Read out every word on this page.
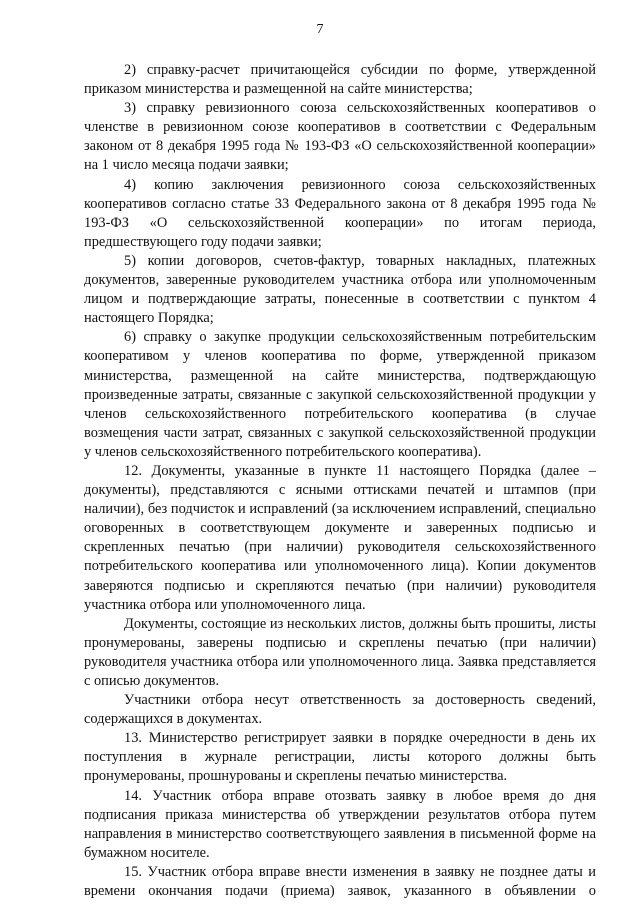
7

2) справку-расчет причитающейся субсидии по форме, утвержденной приказом министерства и размещенной на сайте министерства;

3) справку ревизионного союза сельскохозяйственных кооперативов о членстве в ревизионном союзе кооперативов в соответствии с Федеральным законом от 8 декабря 1995 года № 193-ФЗ «О сельскохозяйственной кооперации» на 1 число месяца подачи заявки;

4) копию заключения ревизионного союза сельскохозяйственных кооперативов согласно статье 33 Федерального закона от 8 декабря 1995 года № 193-ФЗ «О сельскохозяйственной кооперации» по итогам периода, предшествующего году подачи заявки;

5) копии договоров, счетов-фактур, товарных накладных, платежных документов, заверенные руководителем участника отбора или уполномоченным лицом и подтверждающие затраты, понесенные в соответствии с пунктом 4 настоящего Порядка;

6) справку о закупке продукции сельскохозяйственным потребительским кооперативом у членов кооператива по форме, утвержденной приказом министерства, размещенной на сайте министерства, подтверждающую произведенные затраты, связанные с закупкой сельскохозяйственной продукции у членов сельскохозяйственного потребительского кооператива (в случае возмещения части затрат, связанных с закупкой сельскохозяйственной продукции у членов сельскохозяйственного потребительского кооператива).

12. Документы, указанные в пункте 11 настоящего Порядка (далее – документы), представляются с ясными оттисками печатей и штампов (при наличии), без подчисток и исправлений (за исключением исправлений, специально оговоренных в соответствующем документе и заверенных подписью и скрепленных печатью (при наличии) руководителя сельскохозяйственного потребительского кооператива или уполномоченного лица). Копии документов заверяются подписью и скрепляются печатью (при наличии) руководителя участника отбора или уполномоченного лица.

Документы, состоящие из нескольких листов, должны быть прошиты, листы пронумерованы, заверены подписью и скреплены печатью (при наличии) руководителя участника отбора или уполномоченного лица. Заявка представляется с описью документов.

Участники отбора несут ответственность за достоверность сведений, содержащихся в документах.

13. Министерство регистрирует заявки в порядке очередности в день их поступления в журнале регистрации, листы которого должны быть пронумерованы, прошнурованы и скреплены печатью министерства.

14. Участник отбора вправе отозвать заявку в любое время до дня подписания приказа министерства об утверждении результатов отбора путем направления в министерство соответствующего заявления в письменной форме на бумажном носителе.

15. Участник отбора вправе внести изменения в заявку не позднее даты и времени окончания подачи (приема) заявок, указанного в объявлении о
